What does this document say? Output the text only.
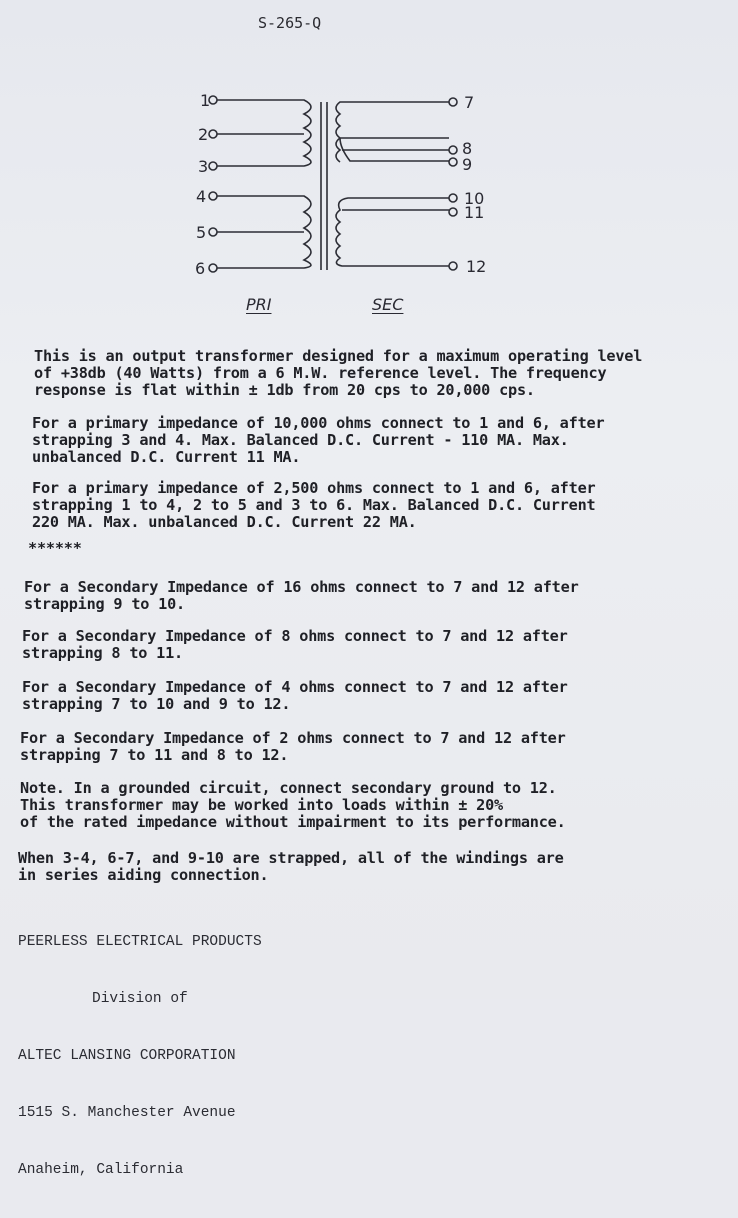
S-265-Q
1
2
3
4
5
6
7
8
9
10
11
12
PRI	SEC
This is an output transformer designed for a maximum operating level
of +38db (40 Watts) from a 6 M.W. reference level. The frequency
response is flat within ± 1db from 20 cps to 20,000 cps.
For a primary impedance of 10,000 ohms connect to 1 and 6, after
strapping 3 and 4. Max. Balanced D.C. Current - 110 MA. Max.
unbalanced D.C. Current 11 MA.
For a primary impedance of 2,500 ohms connect to 1 and 6, after
strapping 1 to 4, 2 to 5 and 3 to 6. Max. Balanced D.C. Current
220 MA. Max. unbalanced D.C. Current 22 MA.
******
For a Secondary Impedance of 16 ohms connect to 7 and 12 after
strapping 9 to 10.
For a Secondary Impedance of 8 ohms connect to 7 and 12 after
strapping 8 to 11.
For a Secondary Impedance of 4 ohms connect to 7 and 12 after
strapping 7 to 10 and 9 to 12.
For a Secondary Impedance of 2 ohms connect to 7 and 12 after
strapping 7 to 11 and 8 to 12.
Note. In a grounded circuit, connect secondary ground to 12.
This transformer may be worked into loads within ± 20%
of the rated impedance without impairment to its performance.
When 3-4, 6-7, and 9-10 are strapped, all of the windings are
in series aiding connection.

PEERLESS ELECTRICAL PRODUCTS

Division of

ALTEC LANSING CORPORATION

1515 S. Manchester Avenue

Anaheim, California
